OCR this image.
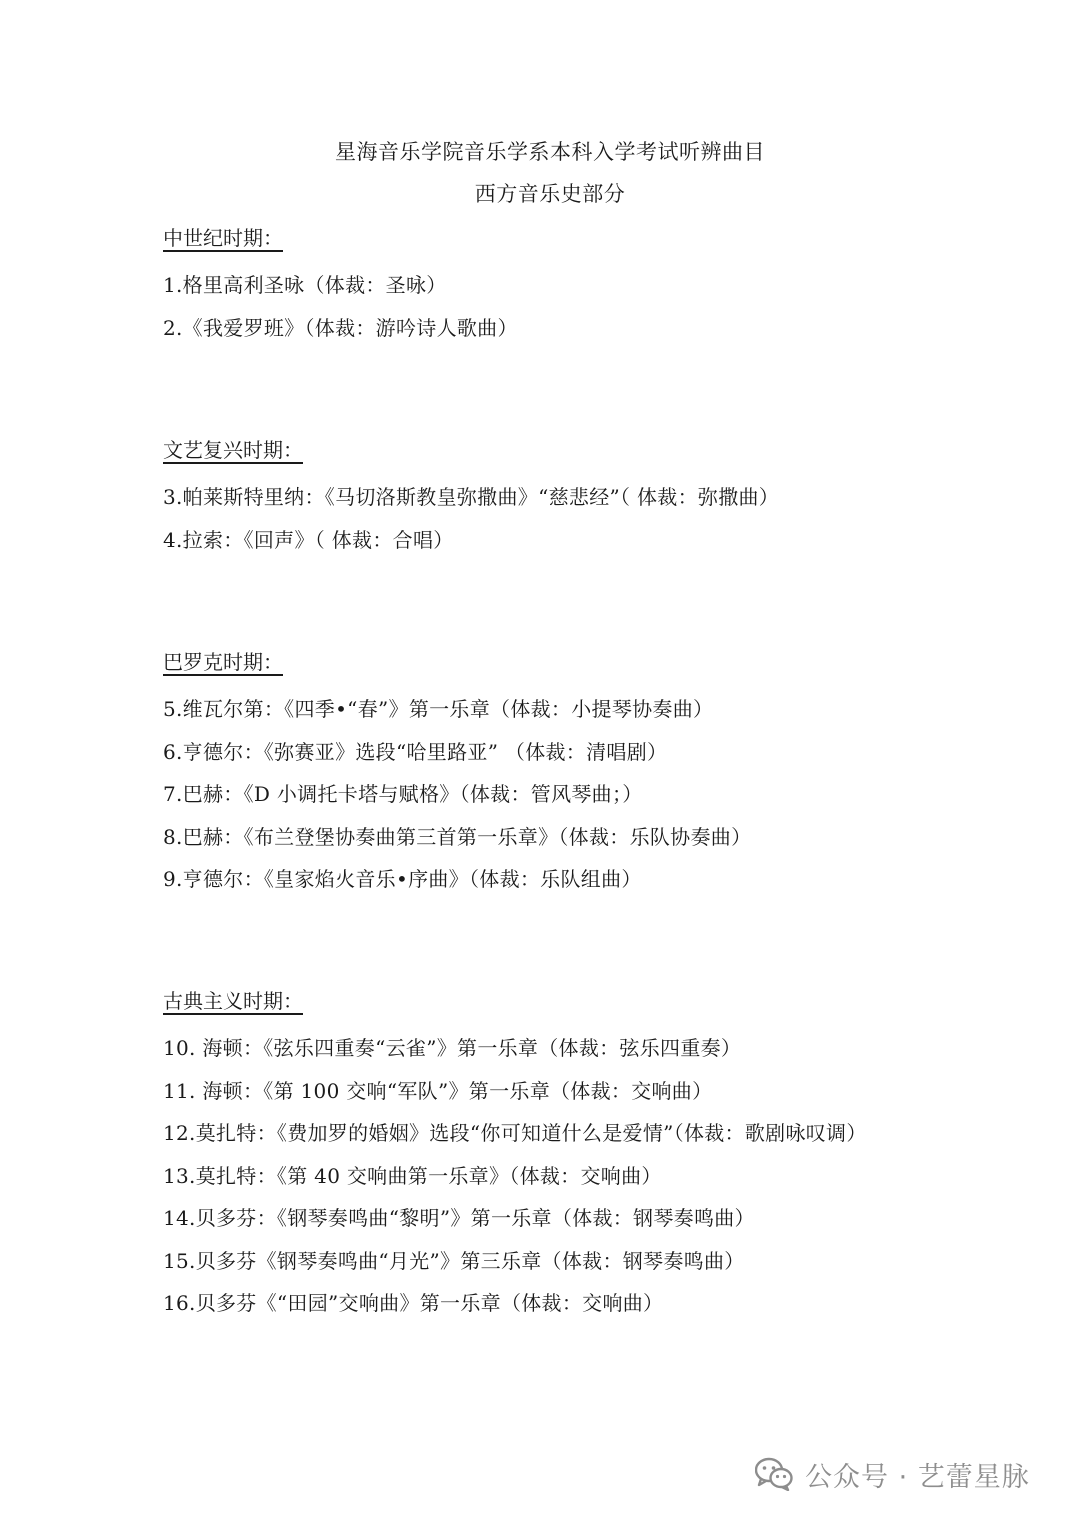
星海音乐学院音乐学系本科入学考试听辨曲目
西方音乐史部分
中世纪时期：
1.格里高利圣咏（体裁：圣咏）
2.《我爱罗班》（体裁：游吟诗人歌曲）
文艺复兴时期：
3.帕莱斯特里纳：《马切洛斯教皇弥撒曲》“慈悲经”（ 体裁：弥撒曲）
4.拉索：《回声》（ 体裁：合唱）
巴罗克时期：
5.维瓦尔第：《四季•“春”》第一乐章（体裁：小提琴协奏曲）
6.亨德尔：《弥赛亚》选段“哈里路亚” （体裁：清唱剧）
7.巴赫：《D 小调托卡塔与赋格》（体裁：管风琴曲；）
8.巴赫：《布兰登堡协奏曲第三首第一乐章》（体裁：乐队协奏曲）
9.亨德尔：《皇家焰火音乐•序曲》（体裁：乐队组曲）
古典主义时期：
10. 海顿：《弦乐四重奏“云雀”》第一乐章（体裁：弦乐四重奏）
11. 海顿：《第 100 交响“军队”》第一乐章（体裁：交响曲）
12.莫扎特：《费加罗的婚姻》选段“你可知道什么是爱情”（体裁：歌剧咏叹调）
13.莫扎特：《第 40 交响曲第一乐章》（体裁：交响曲）
14.贝多芬：《钢琴奏鸣曲“黎明”》第一乐章（体裁：钢琴奏鸣曲）
15.贝多芬《钢琴奏鸣曲“月光”》第三乐章（体裁：钢琴奏鸣曲）
16.贝多芬《“田园”交响曲》第一乐章（体裁：交响曲）
公众号 · 艺蕾星脉
